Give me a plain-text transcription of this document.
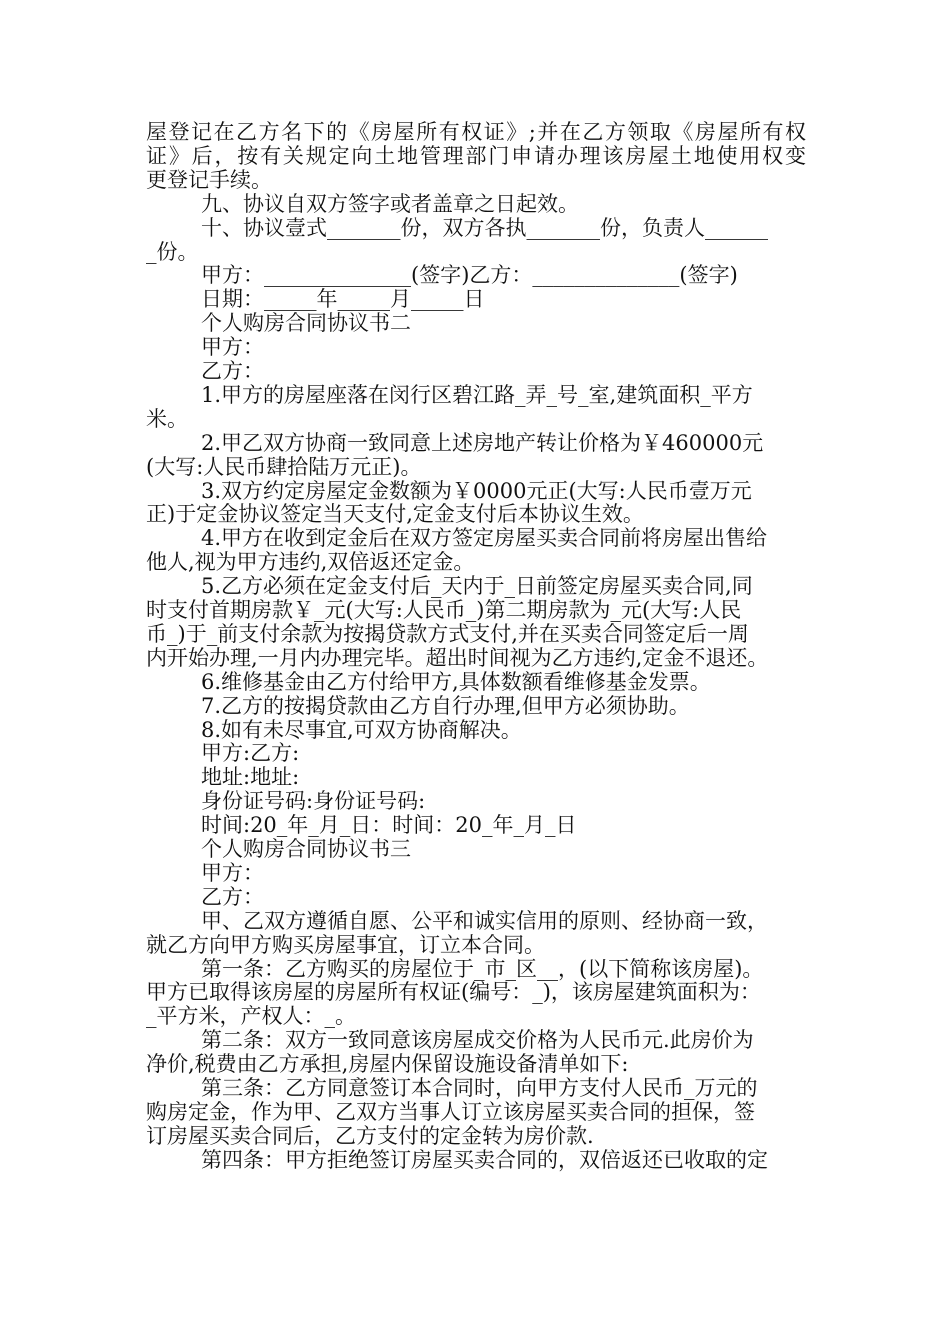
屋登记在乙方名下的《房屋所有权证》;并在乙方领取《房屋所有权
证》后，按有关规定向土地管理部门申请办理该房屋土地使用权变
更登记手续。
九、协议自双方签字或者盖章之日起效。
十、协议壹式_______份，双方各执_______份，负责人______
_份。
甲方：______________(签字)乙方：______________(签字)
日期：_____年_____月_____日
个人购房合同协议书二
甲方：
乙方：
1.甲方的房屋座落在闵行区碧江路_弄_号_室,建筑面积_平方
米。
2.甲乙双方协商一致同意上述房地产转让价格为￥460000元
(大写:人民币肆拾陆万元正)。
3.双方约定房屋定金数额为￥0000元正(大写:人民币壹万元
正)于定金协议签定当天支付,定金支付后本协议生效。
4.甲方在收到定金后在双方签定房屋买卖合同前将房屋出售给
他人,视为甲方违约,双倍返还定金。
5.乙方必须在定金支付后_天内于_日前签定房屋买卖合同,同
时支付首期房款￥_元(大写:人民币_)第二期房款为_元(大写:人民
币_)于_前支付余款为按揭贷款方式支付,并在买卖合同签定后一周
内开始办理,一月内办理完毕。超出时间视为乙方违约,定金不退还。
6.维修基金由乙方付给甲方,具体数额看维修基金发票。
7.乙方的按揭贷款由乙方自行办理,但甲方必须协助。
8.如有未尽事宜,可双方协商解决。
甲方:乙方:
地址:地址:
身份证号码:身份证号码:
时间:20_年_月_日：时间：20_年_月_日
个人购房合同协议书三
甲方：
乙方：
甲、乙双方遵循自愿、公平和诚实信用的原则、经协商一致，
就乙方向甲方购买房屋事宜，订立本合同。
第一条：乙方购买的房屋位于_市_区__，(以下简称该房屋)。
甲方已取得该房屋的房屋所有权证(编号：_)，该房屋建筑面积为：
_平方米，产权人：_。
第二条：双方一致同意该房屋成交价格为人民币元.此房价为
净价,税费由乙方承担,房屋内保留设施设备清单如下:
第三条：乙方同意签订本合同时，向甲方支付人民币_万元的
购房定金，作为甲、乙双方当事人订立该房屋买卖合同的担保，签
订房屋买卖合同后，乙方支付的定金转为房价款.
第四条：甲方拒绝签订房屋买卖合同的，双倍返还已收取的定
